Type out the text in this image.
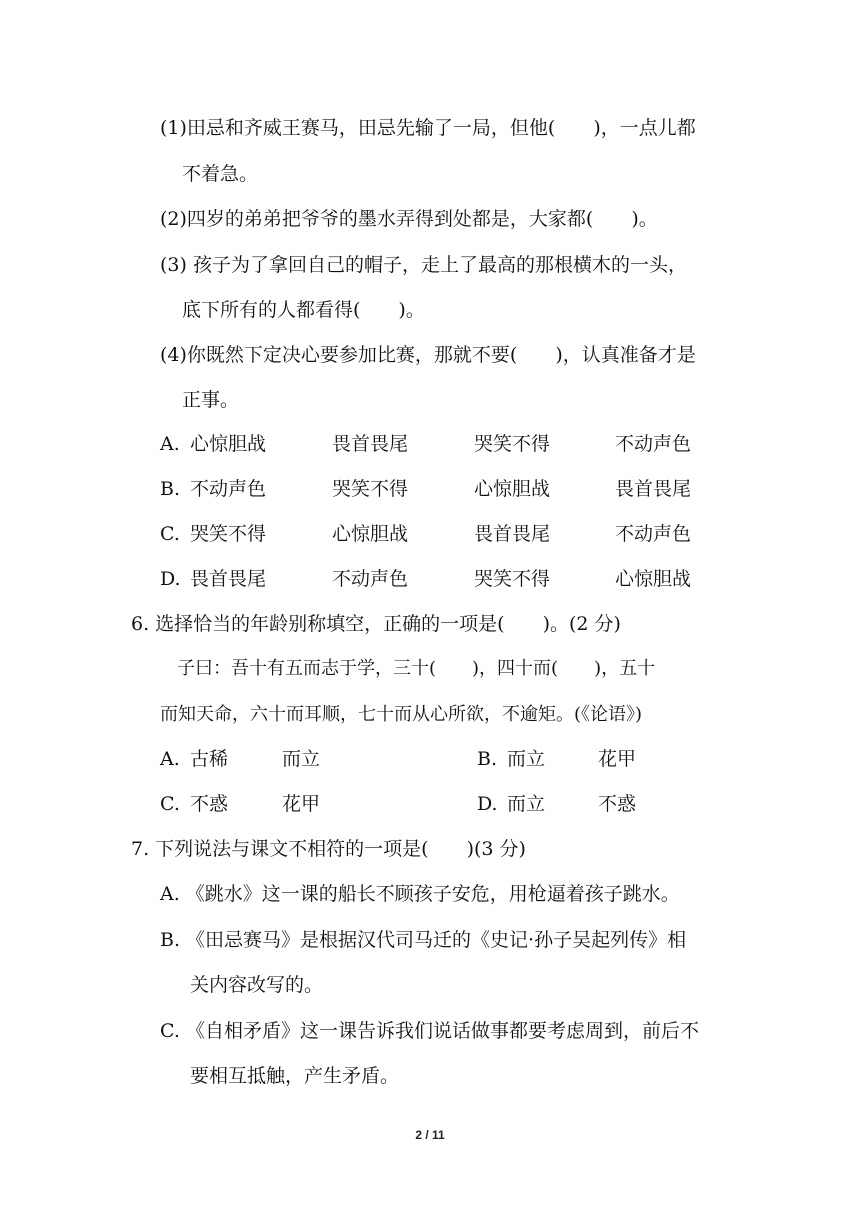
(1)田忌和齐威王赛马，田忌先输了一局，但他(　　)，一点儿都
不着急。
(2)四岁的弟弟把爷爷的墨水弄得到处都是，大家都(　　)。
(3) 孩子为了拿回自己的帽子，走上了最高的那根横木的一头，
底下所有的人都看得(　　)。
(4)你既然下定决心要参加比赛，那就不要(　　)，认真准备才是
正事。
A. 心惊胆战	畏首畏尾	哭笑不得	不动声色
B. 不动声色	哭笑不得	心惊胆战	畏首畏尾
C. 哭笑不得	心惊胆战	畏首畏尾	不动声色
D. 畏首畏尾	不动声色	哭笑不得	心惊胆战
6. 选择恰当的年龄别称填空，正确的一项是(　　)。(2 分)
子曰：吾十有五而志于学，三十(　　)，四十而(　　)，五十
而知天命，六十而耳顺，七十而从心所欲，不逾矩。(《论语》)
A. 古稀	而立	B. 而立	花甲
C. 不惑	花甲	D. 而立	不惑
7. 下列说法与课文不相符的一项是(　　)(3 分)
A. 《跳水》这一课的船长不顾孩子安危，用枪逼着孩子跳水。
B. 《田忌赛马》是根据汉代司马迁的《史记·孙子吴起列传》相
关内容改写的。
C. 《自相矛盾》这一课告诉我们说话做事都要考虑周到，前后不
要相互抵触，产生矛盾。
2 / 11
